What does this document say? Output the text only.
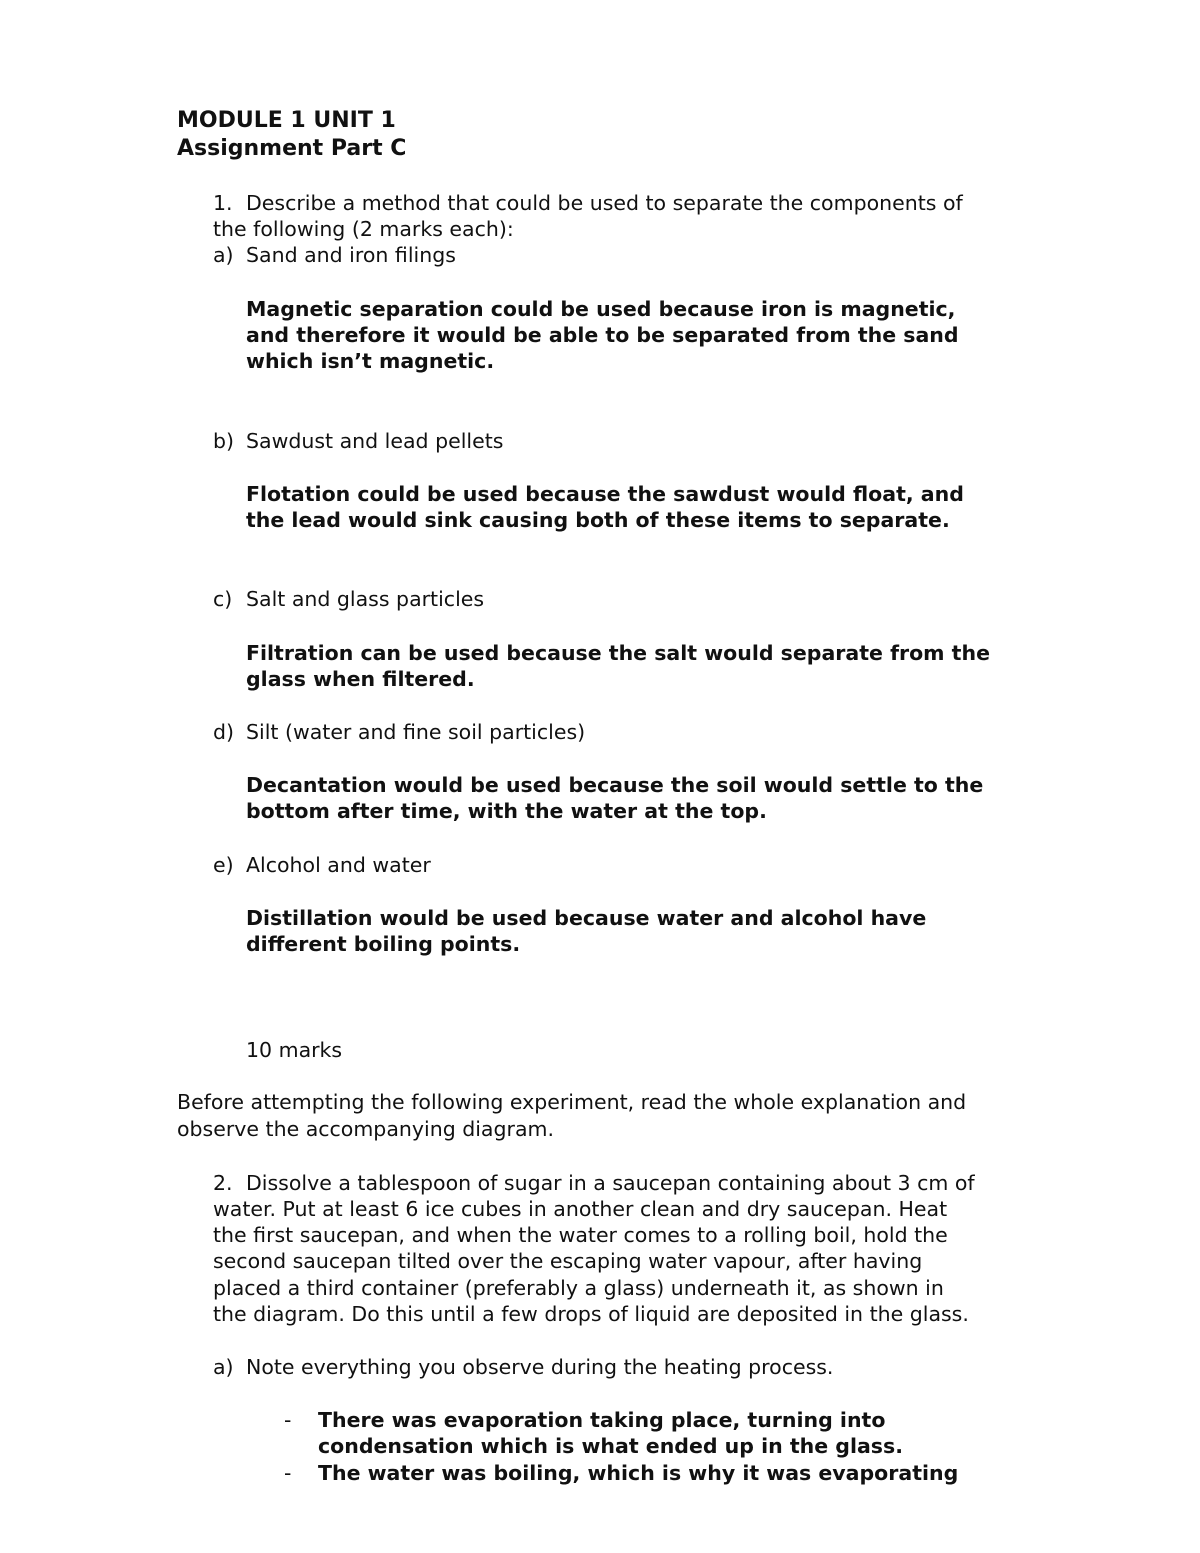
MODULE 1 UNIT 1
Assignment Part C
1. Describe a method that could be used to separate the components of
the following (2 marks each):
a) Sand and iron filings
Magnetic separation could be used because iron is magnetic,
and therefore it would be able to be separated from the sand
which isn’t magnetic.
b) Sawdust and lead pellets
Flotation could be used because the sawdust would float, and
the lead would sink causing both of these items to separate.
c) Salt and glass particles
Filtration can be used because the salt would separate from the
glass when filtered.
d) Silt (water and fine soil particles)
Decantation would be used because the soil would settle to the
bottom after time, with the water at the top.
e) Alcohol and water
Distillation would be used because water and alcohol have
different boiling points.
10 marks
Before attempting the following experiment, read the whole explanation and
observe the accompanying diagram.
2. Dissolve a tablespoon of sugar in a saucepan containing about 3 cm of
water. Put at least 6 ice cubes in another clean and dry saucepan. Heat
the first saucepan, and when the water comes to a rolling boil, hold the
second saucepan tilted over the escaping water vapour, after having
placed a third container (preferably a glass) underneath it, as shown in
the diagram. Do this until a few drops of liquid are deposited in the glass.
a) Note everything you observe during the heating process.
- There was evaporation taking place, turning into
condensation which is what ended up in the glass.
- The water was boiling, which is why it was evaporating
